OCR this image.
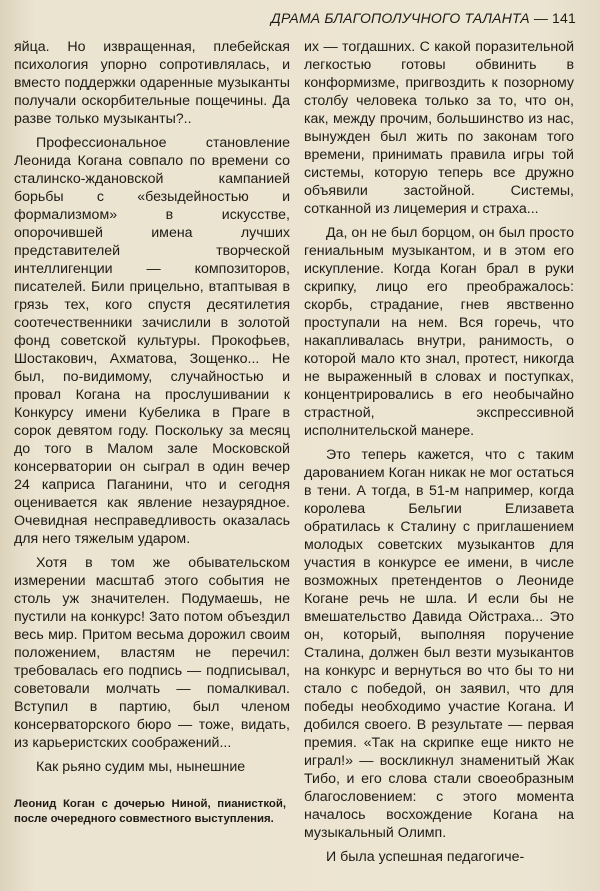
ДРАМА БЛАГОПОЛУЧНОГО ТАЛАНТА — 141

яйца. Но извращенная, плебейская психология упорно сопротивлялась, и вместо поддержки одаренные музыканты получали оскорбительные пощечины. Да разве только музыканты?..

Профессиональное становление Леонида Когана совпало по времени со сталинско-ждановской кампанией борьбы с «безыдейностью и формализмом» в искусстве, опорочившей имена лучших представителей творческой интеллигенции — композиторов, писателей. Били прицельно, втаптывая в грязь тех, кого спустя десятилетия соотечественники зачислили в золотой фонд советской культуры. Прокофьев, Шостакович, Ахматова, Зощенко... Не был, по-видимому, случайностью и провал Когана на прослушивании к Конкурсу имени Кубелика в Праге в сорок девятом году. Поскольку за месяц до того в Малом зале Московской консерватории он сыграл в один вечер 24 каприса Паганини, что и сегодня оценивается как явление незаурядное. Очевидная несправедливость оказалась для него тяжелым ударом.

Хотя в том же обывательском измерении масштаб этого события не столь уж значителен. Подумаешь, не пустили на конкурс! Зато потом объездил весь мир. Притом весьма дорожил своим положением, властям не перечил: требовалась его подпись — подписывал, советовали молчать — помалкивал. Вступил в партию, был членом консерваторского бюро — тоже, видать, из карьеристских соображений...

Как рьяно судим мы, нынешние

их — тогдашних. С какой поразительной легкостью готовы обвинить в конформизме, пригвоздить к позорному столбу человека только за то, что он, как, между прочим, большинство из нас, вынужден был жить по законам того времени, принимать правила игры той системы, которую теперь все дружно объявили застойной. Системы, сотканной из лицемерия и страха...

Да, он не был борцом, он был просто гениальным музыкантом, и в этом его искупление. Когда Коган брал в руки скрипку, лицо его преображалось: скорбь, страдание, гнев явственно проступали на нем. Вся горечь, что накапливалась внутри, ранимость, о которой мало кто знал, протест, никогда не выраженный в словах и поступках, концентрировались в его необычайно страстной, экспрессивной исполнительской манере.

Это теперь кажется, что с таким дарованием Коган никак не мог остаться в тени. А тогда, в 51-м например, когда королева Бельгии Елизавета обратилась к Сталину с приглашением молодых советских музыкантов для участия в конкурсе ее имени, в числе возможных претендентов о Леониде Когане речь не шла. И если бы не вмешательство Давида Ойстраха... Это он, который, выполняя поручение Сталина, должен был везти музыкантов на конкурс и вернуться во что бы то ни стало с победой, он заявил, что для победы необходимо участие Когана. И добился своего. В результате — первая премия. «Так на скрипке еще никто не играл!» — воскликнул знаменитый Жак Тибо, и его слова стали своеобразным благословением: с этого момента началось восхождение Когана на музыкальный Олимп.

И была успешная педагогиче-

Леонид Коган с дочерью Ниной, пианисткой, после очередного совместного выступления.
